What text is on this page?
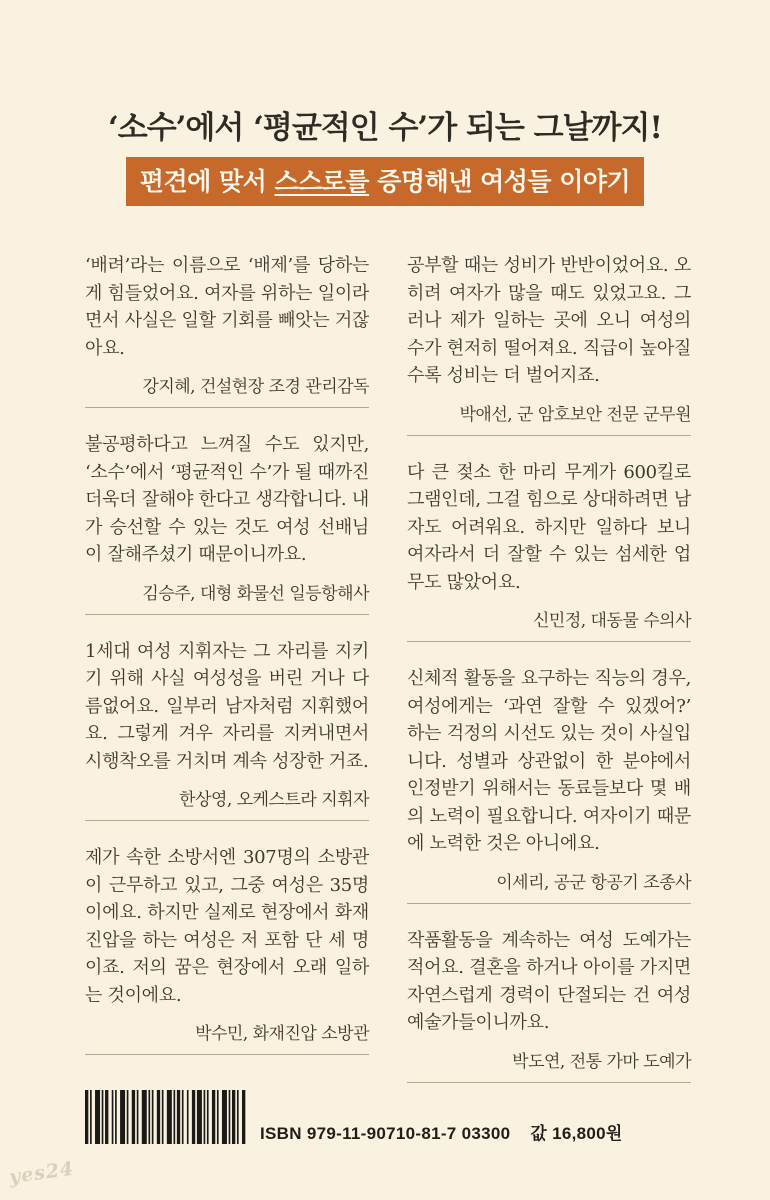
‘소수’에서 ‘평균적인 수’가 되는 그날까지!
편견에 맞서 스스로를 증명해낸 여성들 이야기

‘배려’라는 이름으로 ‘배제’를 당하는 게 힘들었어요. 여자를 위하는 일이라면서 사실은 일할 기회를 빼앗는 거잖아요.

강지혜, 건설현장 조경 관리감독

불공평하다고 느껴질 수도 있지만, ‘소수’에서 ‘평균적인 수’가 될 때까진 더욱더 잘해야 한다고 생각합니다. 내가 승선할 수 있는 것도 여성 선배님이 잘해주셨기 때문이니까요.

김승주, 대형 화물선 일등항해사

1세대 여성 지휘자는 그 자리를 지키기 위해 사실 여성성을 버린 거나 다름없어요. 일부러 남자처럼 지휘했어요. 그렇게 겨우 자리를 지켜내면서 시행착오를 거치며 계속 성장한 거죠.

한상영, 오케스트라 지휘자

제가 속한 소방서엔 307명의 소방관이 근무하고 있고, 그중 여성은 35명이에요. 하지만 실제로 현장에서 화재진압을 하는 여성은 저 포함 단 세 명이죠. 저의 꿈은 현장에서 오래 일하는 것이에요.

박수민, 화재진압 소방관

공부할 때는 성비가 반반이었어요. 오히려 여자가 많을 때도 있었고요. 그러나 제가 일하는 곳에 오니 여성의 수가 현저히 떨어져요. 직급이 높아질수록 성비는 더 벌어지죠.

박애선, 군 암호보안 전문 군무원

다 큰 젖소 한 마리 무게가 600킬로그램인데, 그걸 힘으로 상대하려면 남자도 어려워요. 하지만 일하다 보니 여자라서 더 잘할 수 있는 섬세한 업무도 많았어요.

신민정, 대동물 수의사

신체적 활동을 요구하는 직능의 경우, 여성에게는 ‘과연 잘할 수 있겠어?’ 하는 걱정의 시선도 있는 것이 사실입니다. 성별과 상관없이 한 분야에서 인정받기 위해서는 동료들보다 몇 배의 노력이 필요합니다. 여자이기 때문에 노력한 것은 아니에요.

이세리, 공군 항공기 조종사

작품활동을 계속하는 여성 도예가는 적어요. 결혼을 하거나 아이를 가지면 자연스럽게 경력이 단절되는 건 여성 예술가들이니까요.

박도연, 전통 가마 도예가

ISBN 979-11-90710-81-7 03300 값 16,800원
yes24
